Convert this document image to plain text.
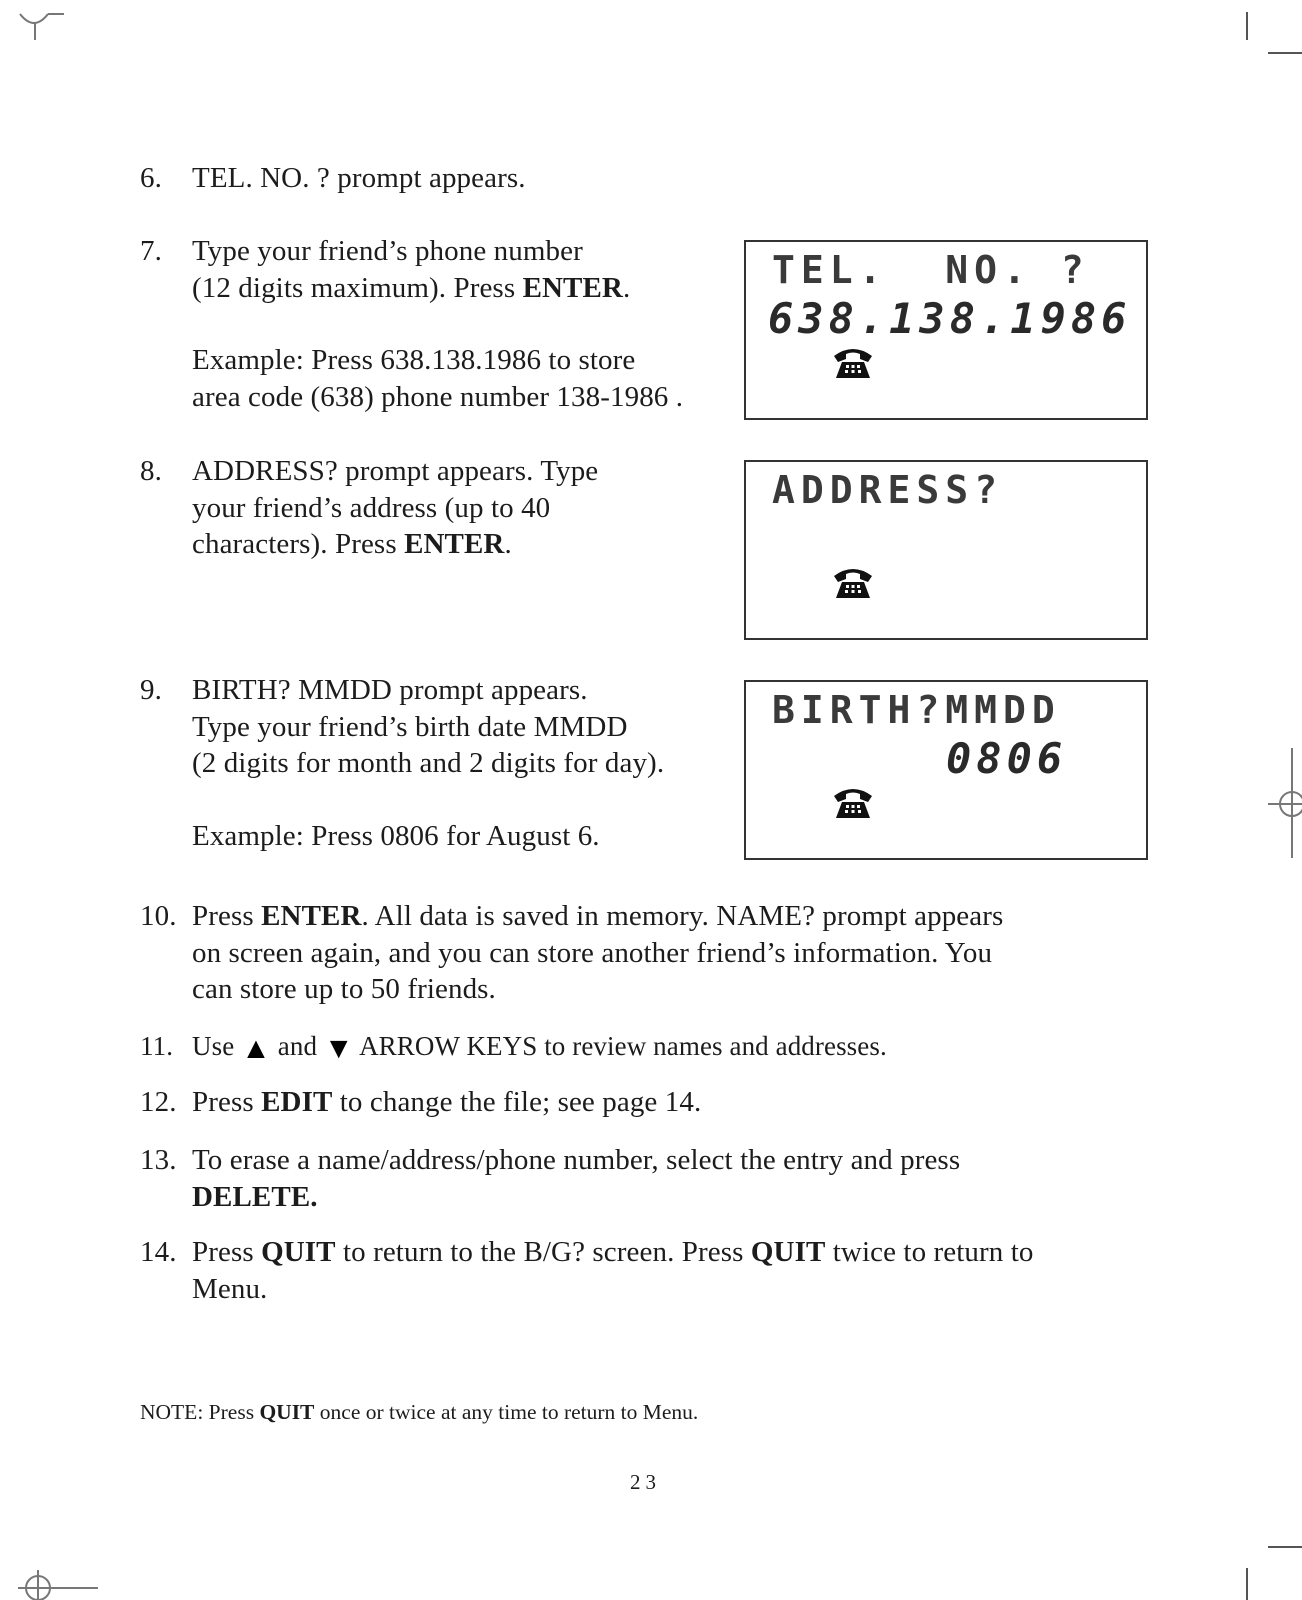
6. TEL. NO. ? prompt appears.

7. Type your friend’s phone number

(12 digits maximum). Press ENTER.

Example: Press 638.138.1986 to store

area code (638) phone number 138-1986 .

8. ADDRESS? prompt appears. Type

your friend’s address (up to 40

characters). Press ENTER.

9. BIRTH? MMDD prompt appears.

Type your friend’s birth date MMDD

(2 digits for month and 2 digits for day).

Example: Press 0806 for August 6.

10. Press ENTER. All data is saved in memory. NAME? prompt appears

on screen again, and you can store another friend’s information. You

can store up to 50 friends.

11. Use ▲ and ▼ ARROW KEYS to review names and addresses.

12. Press EDIT to change the file; see page 14.

13. To erase a name/address/phone number, select the entry and press

DELETE.

14. Press QUIT to return to the B/G? screen. Press QUIT twice to return to

Menu.

TEL.  NO. ?
638.138.1986
ADDRESS?
BIRTH?MMDD
0806
NOTE: Press QUIT once or twice at any time to return to Menu.
23
